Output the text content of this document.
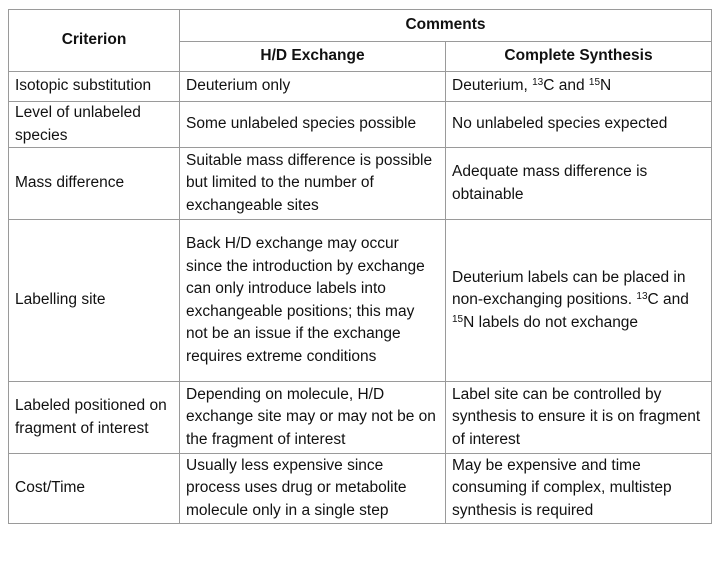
Criterion	Comments	
	H/D Exchange	Complete Synthesis
Isotopic substitution	Deuterium only	Deuterium, $^{13}$C and $^{15}$N
Level of unlabeled species	Some unlabeled species possible	No unlabeled species expected
Mass difference	Suitable mass difference is possible but limited to the number of exchangeable sites	Adequate mass difference is obtainable
Labelling site	Back H/D exchange may occur since the introduction by exchange can only introduce labels into exchangeable positions; this may not be an issue if the exchange requires extreme conditions	Deuterium labels can be placed in non-exchanging positions. $^{13}$C and $^{15}$N labels do not exchange
Labeled positioned on fragment of interest	Depending on molecule, H/D exchange site may or may not be on the fragment of interest	Label site can be controlled by synthesis to ensure it is on fragment of interest
Cost/Time	Usually less expensive since process uses drug or metabolite molecule only in a single step	May be expensive and time consuming if complex, multistep synthesis is required
